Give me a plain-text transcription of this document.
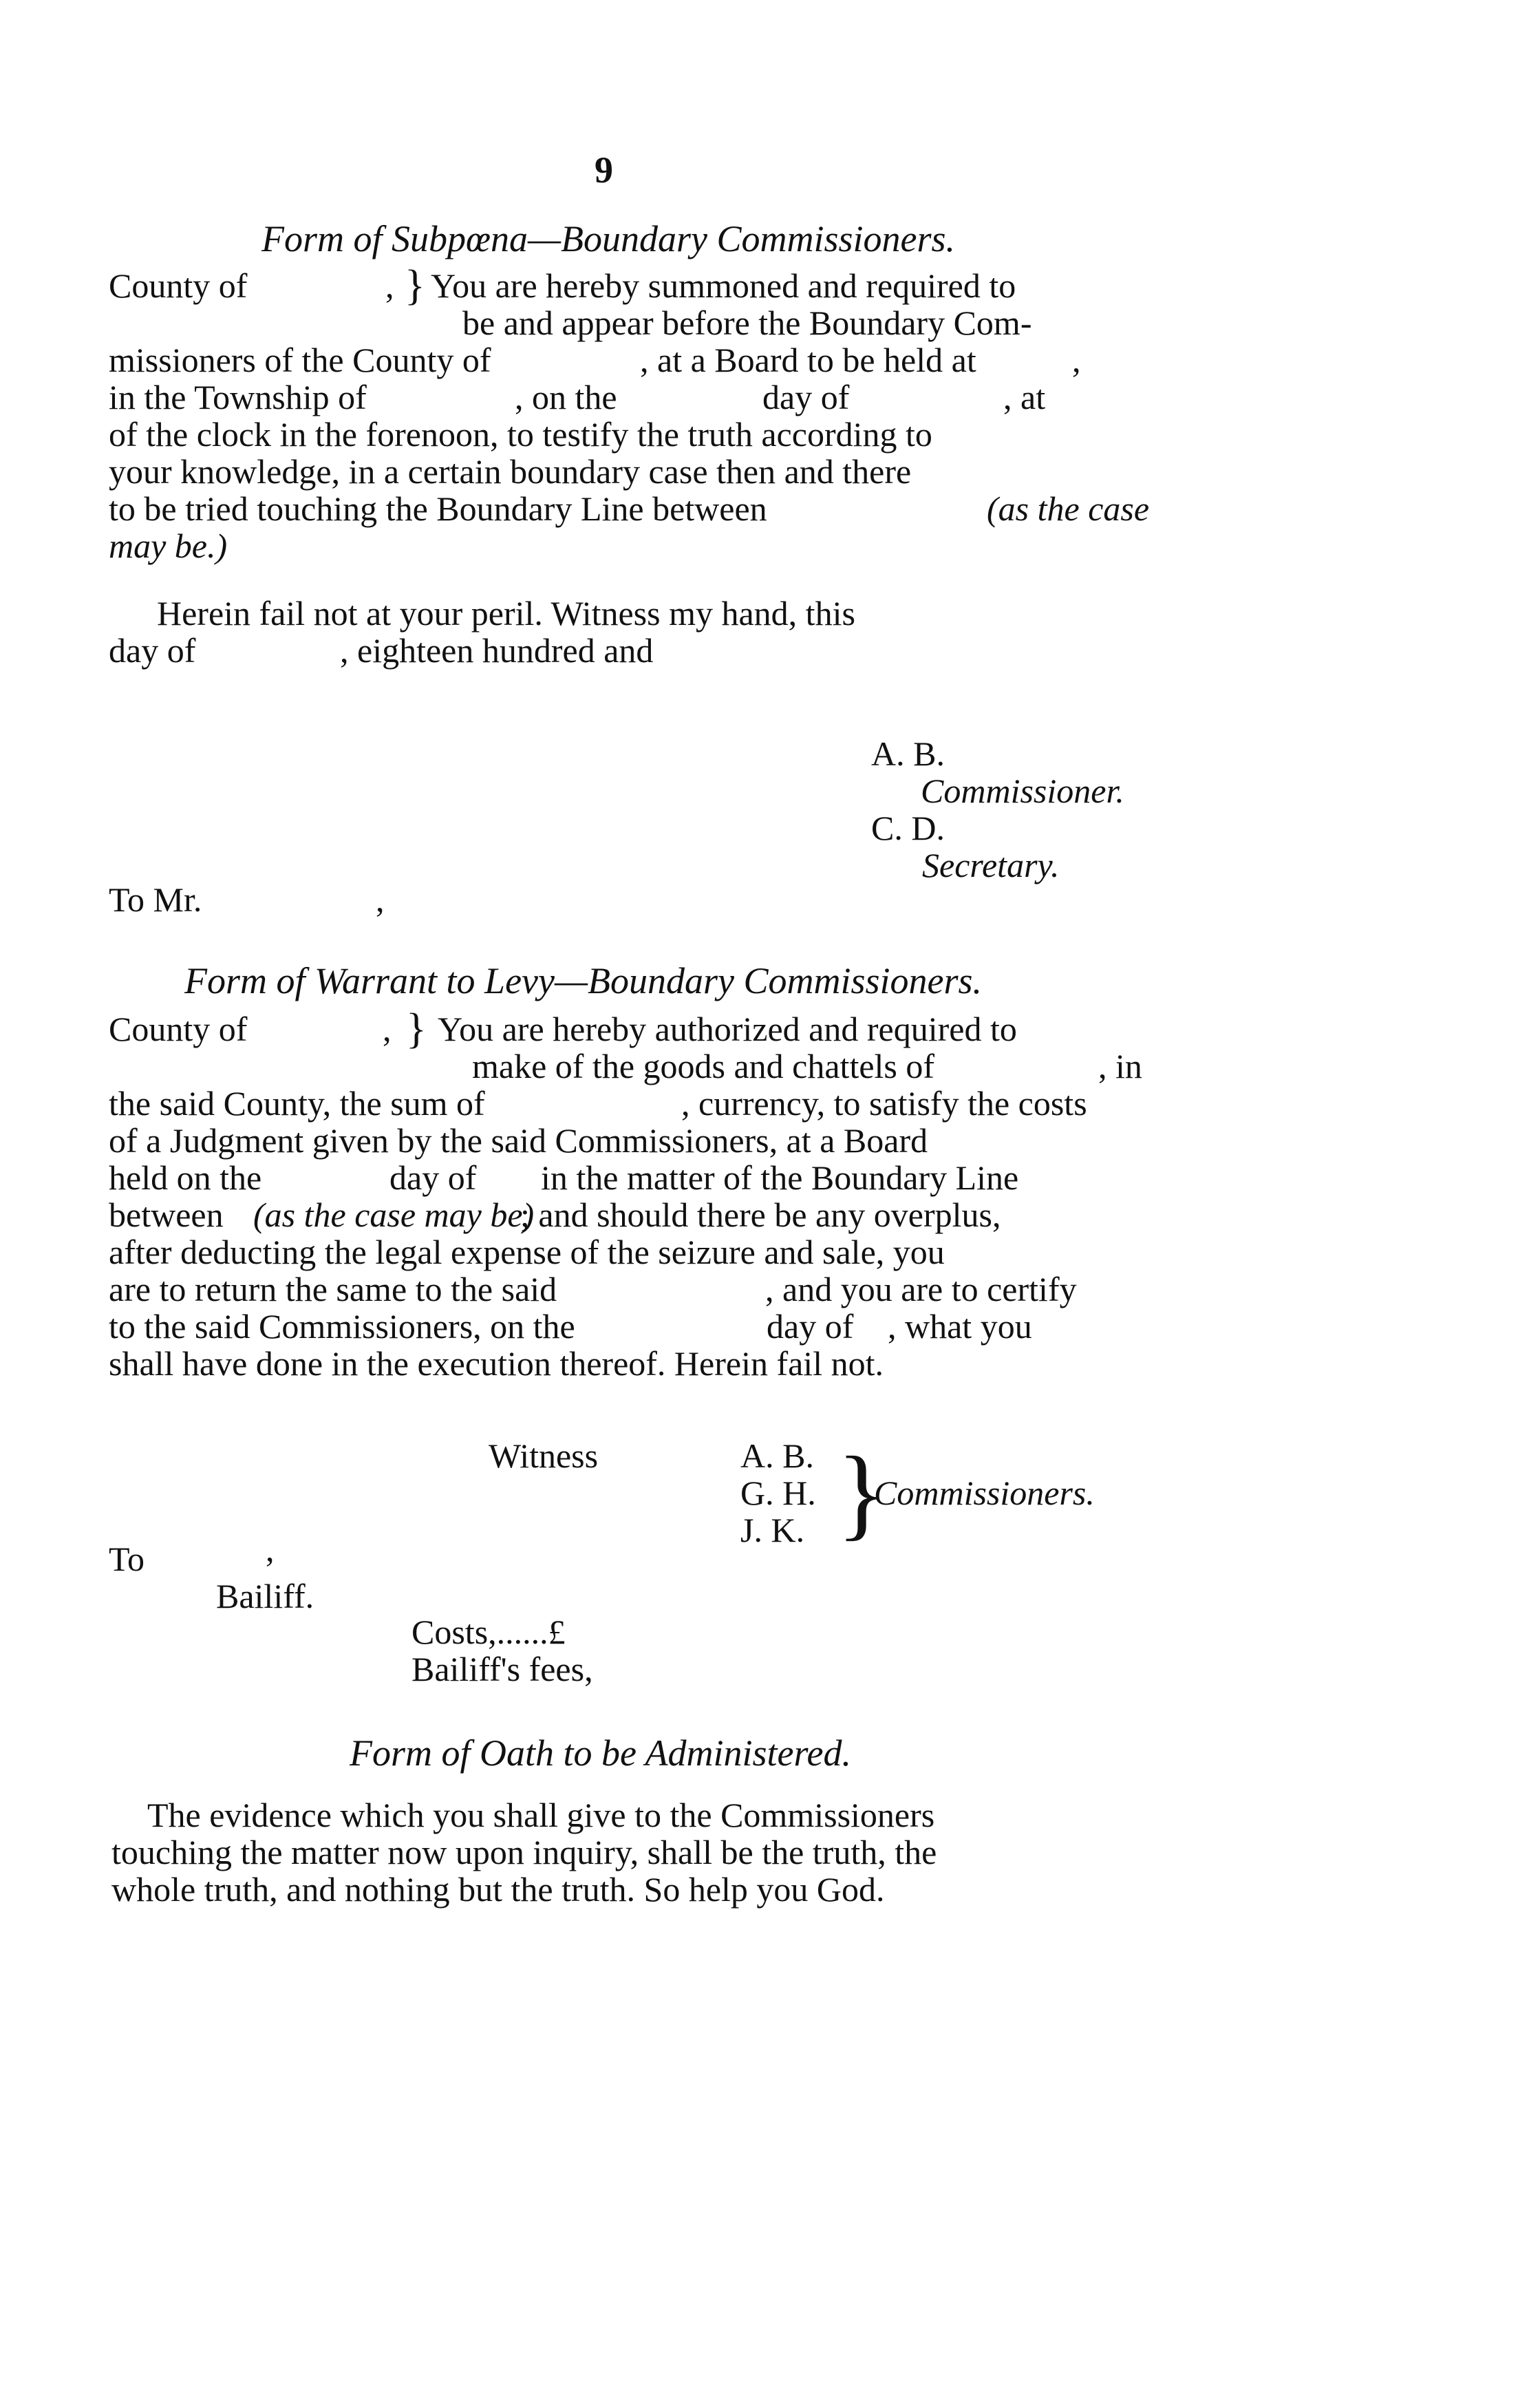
9
Form of Subpœna—Boundary Commissioners.
County of	, } You are hereby summoned and required to
be and appear before the Boundary Com-
missioners of the County of	, at a Board to be held at	,
in the Township of	, on the	day of	, at
of the clock in the forenoon, to testify the truth according to
your knowledge, in a certain boundary case then and there
to be tried touching the Boundary Line between	(as the case
may be.)
Herein fail not at your peril. Witness my hand, this
day of	, eighteen hundred and
A. B.
Commissioner.
C. D.
Secretary.
To Mr.	,
Form of Warrant to Levy—Boundary Commissioners.
County of	, } You are hereby authorized and required to
make of the goods and chattels of	, in
the said County, the sum of	, currency, to satisfy the costs
of a Judgment given by the said Commissioners, at a Board
held on the	day of in the matter of the Boundary Line
between (as the case may be)
; and should there be any overplus,
after deducting the legal expense of the seizure and sale, you
are to return the same to the said	, and you are to certify
to the said Commissioners, on the	day of , what you
shall have done in the execution thereof. Herein fail not.
Witness	A. B.
G. H.
J. K. }
Commissioners.
To	,
Bailiff.
Costs,......£
Bailiff's fees,
Form of Oath to be Administered.
The evidence which you shall give to the Commissioners
touching the matter now upon inquiry, shall be the truth, the
whole truth, and nothing but the truth. So help you God.
